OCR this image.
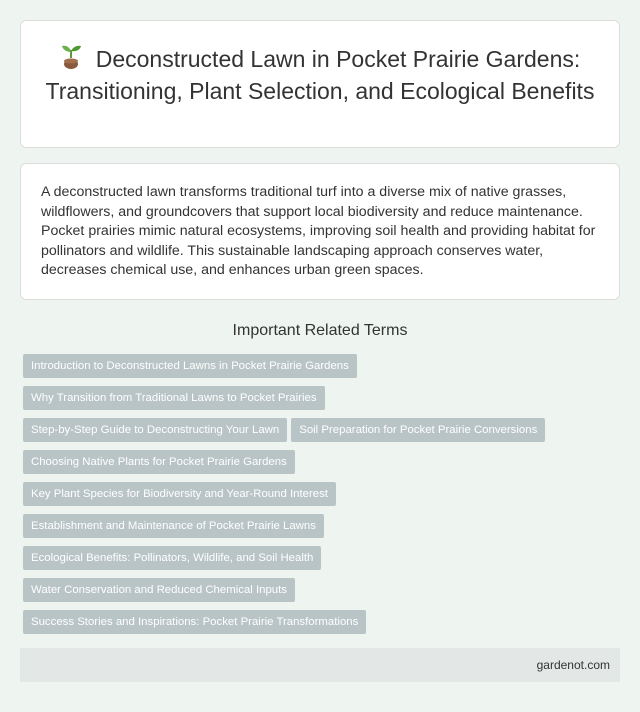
Deconstructed Lawn in Pocket Prairie Gardens: Transitioning, Plant Selection, and Ecological Benefits

A deconstructed lawn transforms traditional turf into a diverse mix of native grasses, wildflowers, and groundcovers that support local biodiversity and reduce maintenance. Pocket prairies mimic natural ecosystems, improving soil health and providing habitat for pollinators and wildlife. This sustainable landscaping approach conserves water, decreases chemical use, and enhances urban green spaces.

Important Related Terms
Introduction to Deconstructed Lawns in Pocket Prairie Gardens
Why Transition from Traditional Lawns to Pocket Prairies
Step-by-Step Guide to Deconstructing Your Lawn Soil Preparation for Pocket Prairie Conversions
Choosing Native Plants for Pocket Prairie Gardens
Key Plant Species for Biodiversity and Year-Round Interest
Establishment and Maintenance of Pocket Prairie Lawns
Ecological Benefits: Pollinators, Wildlife, and Soil Health
Water Conservation and Reduced Chemical Inputs
Success Stories and Inspirations: Pocket Prairie Transformations
gardenot.com
